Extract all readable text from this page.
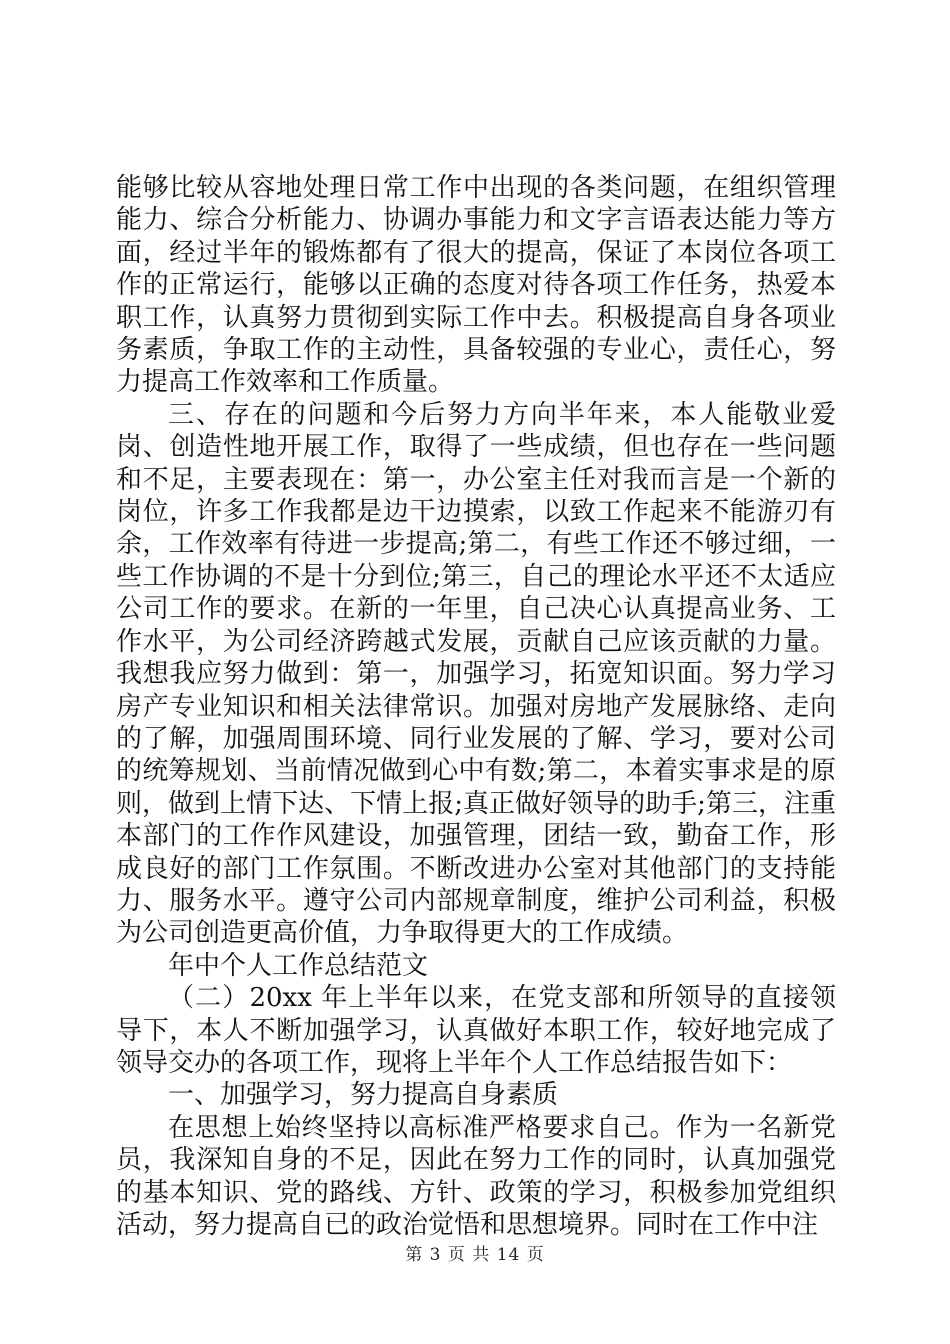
能够比较从容地处理日常工作中出现的各类问题，在组织管理能力、综合分析能力、协调办事能力和文字言语表达能力等方面，经过半年的锻炼都有了很大的提高，保证了本岗位各项工作的正常运行，能够以正确的态度对待各项工作任务，热爱本职工作，认真努力贯彻到实际工作中去。积极提高自身各项业务素质，争取工作的主动性，具备较强的专业心，责任心，努力提高工作效率和工作质量。

三、存在的问题和今后努力方向半年来，本人能敬业爱岗、创造性地开展工作，取得了一些成绩，但也存在一些问题和不足，主要表现在：第一，办公室主任对我而言是一个新的岗位，许多工作我都是边干边摸索，以致工作起来不能游刃有余，工作效率有待进一步提高;第二，有些工作还不够过细，一些工作协调的不是十分到位;第三，自己的理论水平还不太适应公司工作的要求。在新的一年里，自己决心认真提高业务、工作水平，为公司经济跨越式发展，贡献自己应该贡献的力量。我想我应努力做到：第一，加强学习，拓宽知识面。努力学习房产专业知识和相关法律常识。加强对房地产发展脉络、走向的了解，加强周围环境、同行业发展的了解、学习，要对公司的统筹规划、当前情况做到心中有数;第二，本着实事求是的原则，做到上情下达、下情上报;真正做好领导的助手;第三，注重本部门的工作作风建设，加强管理，团结一致，勤奋工作，形成良好的部门工作氛围。不断改进办公室对其他部门的支持能力、服务水平。遵守公司内部规章制度，维护公司利益，积极为公司创造更高价值，力争取得更大的工作成绩。

年中个人工作总结范文

（二）20xx 年上半年以来，在党支部和所领导的直接领导下，本人不断加强学习，认真做好本职工作，较好地完成了领导交办的各项工作，现将上半年个人工作总结报告如下：

一、加强学习，努力提高自身素质

在思想上始终坚持以高标准严格要求自己。作为一名新党员，我深知自身的不足，因此在努力工作的同时，认真加强党的基本知识、党的路线、方针、政策的学习，积极参加党组织活动，努力提高自已的政治觉悟和思想境界。同时在工作中注

第 3 页 共 14 页
